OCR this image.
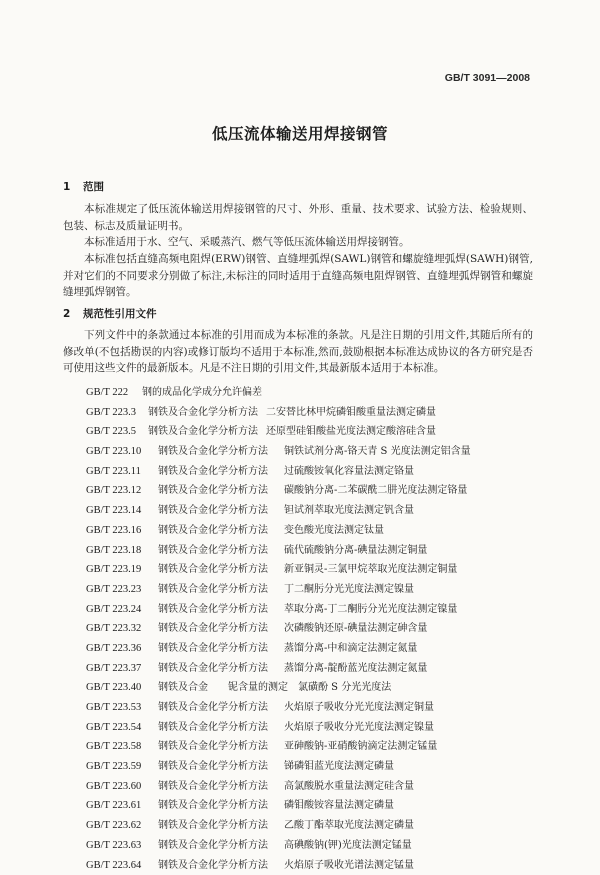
GB/T 3091—2008
低压流体输送用焊接钢管
1 范围
本标准规定了低压流体输送用焊接钢管的尺寸、外形、重量、技术要求、试验方法、检验规则、包装、标志及质量证明书。
本标准适用于水、空气、采暖蒸汽、燃气等低压流体输送用焊接钢管。
本标准包括直缝高频电阻焊(ERW)钢管、直缝埋弧焊(SAWL)钢管和螺旋缝埋弧焊(SAWH)钢管,并对它们的不同要求分别做了标注,未标注的同时适用于直缝高频电阻焊钢管、直缝埋弧焊钢管和螺旋缝埋弧焊钢管。
2 规范性引用文件
下列文件中的条款通过本标准的引用而成为本标准的条款。凡是注日期的引用文件,其随后所有的修改单(不包括勘误的内容)或修订版均不适用于本标准,然而,鼓励根据本标准达成协议的各方研究是否可使用这些文件的最新版本。凡是不注日期的引用文件,其最新版本适用于本标准。
GB/T 222 钢的成品化学成分允许偏差
GB/T 223.3 钢铁及合金化学分析方法 二安替比林甲烷磷钼酸重量法测定磷量
GB/T 223.5 钢铁及合金化学分析方法 还原型硅钼酸盐光度法测定酸溶硅含量
GB/T 223.10 钢铁及合金化学分析方法 铜铁试剂分离-铬天青 S 光度法测定铝含量
GB/T 223.11 钢铁及合金化学分析方法 过硫酸铵氧化容量法测定铬量
GB/T 223.12 钢铁及合金化学分析方法 碳酸钠分离-二苯碳酰二肼光度法测定铬量
GB/T 223.14 钢铁及合金化学分析方法 钽试剂萃取光度法测定钒含量
GB/T 223.16 钢铁及合金化学分析方法 变色酸光度法测定钛量
GB/T 223.18 钢铁及合金化学分析方法 硫代硫酸钠分离-碘量法测定铜量
GB/T 223.19 钢铁及合金化学分析方法 新亚铜灵-三氯甲烷萃取光度法测定铜量
GB/T 223.23 钢铁及合金化学分析方法 丁二酮肟分光光度法测定镍量
GB/T 223.24 钢铁及合金化学分析方法 萃取分离-丁二酮肟分光光度法测定镍量
GB/T 223.32 钢铁及合金化学分析方法 次磷酸钠还原-碘量法测定砷含量
GB/T 223.36 钢铁及合金化学分析方法 蒸馏分离-中和滴定法测定氮量
GB/T 223.37 钢铁及合金化学分析方法 蒸馏分离-靛酚蓝光度法测定氮量
GB/T 223.40 钢铁及合金 铌含量的测定　氯磺酚 S 分光光度法
GB/T 223.53 钢铁及合金化学分析方法 火焰原子吸收分光光度法测定铜量
GB/T 223.54 钢铁及合金化学分析方法 火焰原子吸收分光光度法测定镍量
GB/T 223.58 钢铁及合金化学分析方法 亚砷酸钠-亚硝酸钠滴定法测定锰量
GB/T 223.59 钢铁及合金化学分析方法 锑磷钼蓝光度法测定磷量
GB/T 223.60 钢铁及合金化学分析方法 高氯酸脱水重量法测定硅含量
GB/T 223.61 钢铁及合金化学分析方法 磷钼酸铵容量法测定磷量
GB/T 223.62 钢铁及合金化学分析方法 乙酸丁酯萃取光度法测定磷量
GB/T 223.63 钢铁及合金化学分析方法 高碘酸钠(钾)光度法测定锰量
GB/T 223.64 钢铁及合金化学分析方法 火焰原子吸收光谱法测定锰量
